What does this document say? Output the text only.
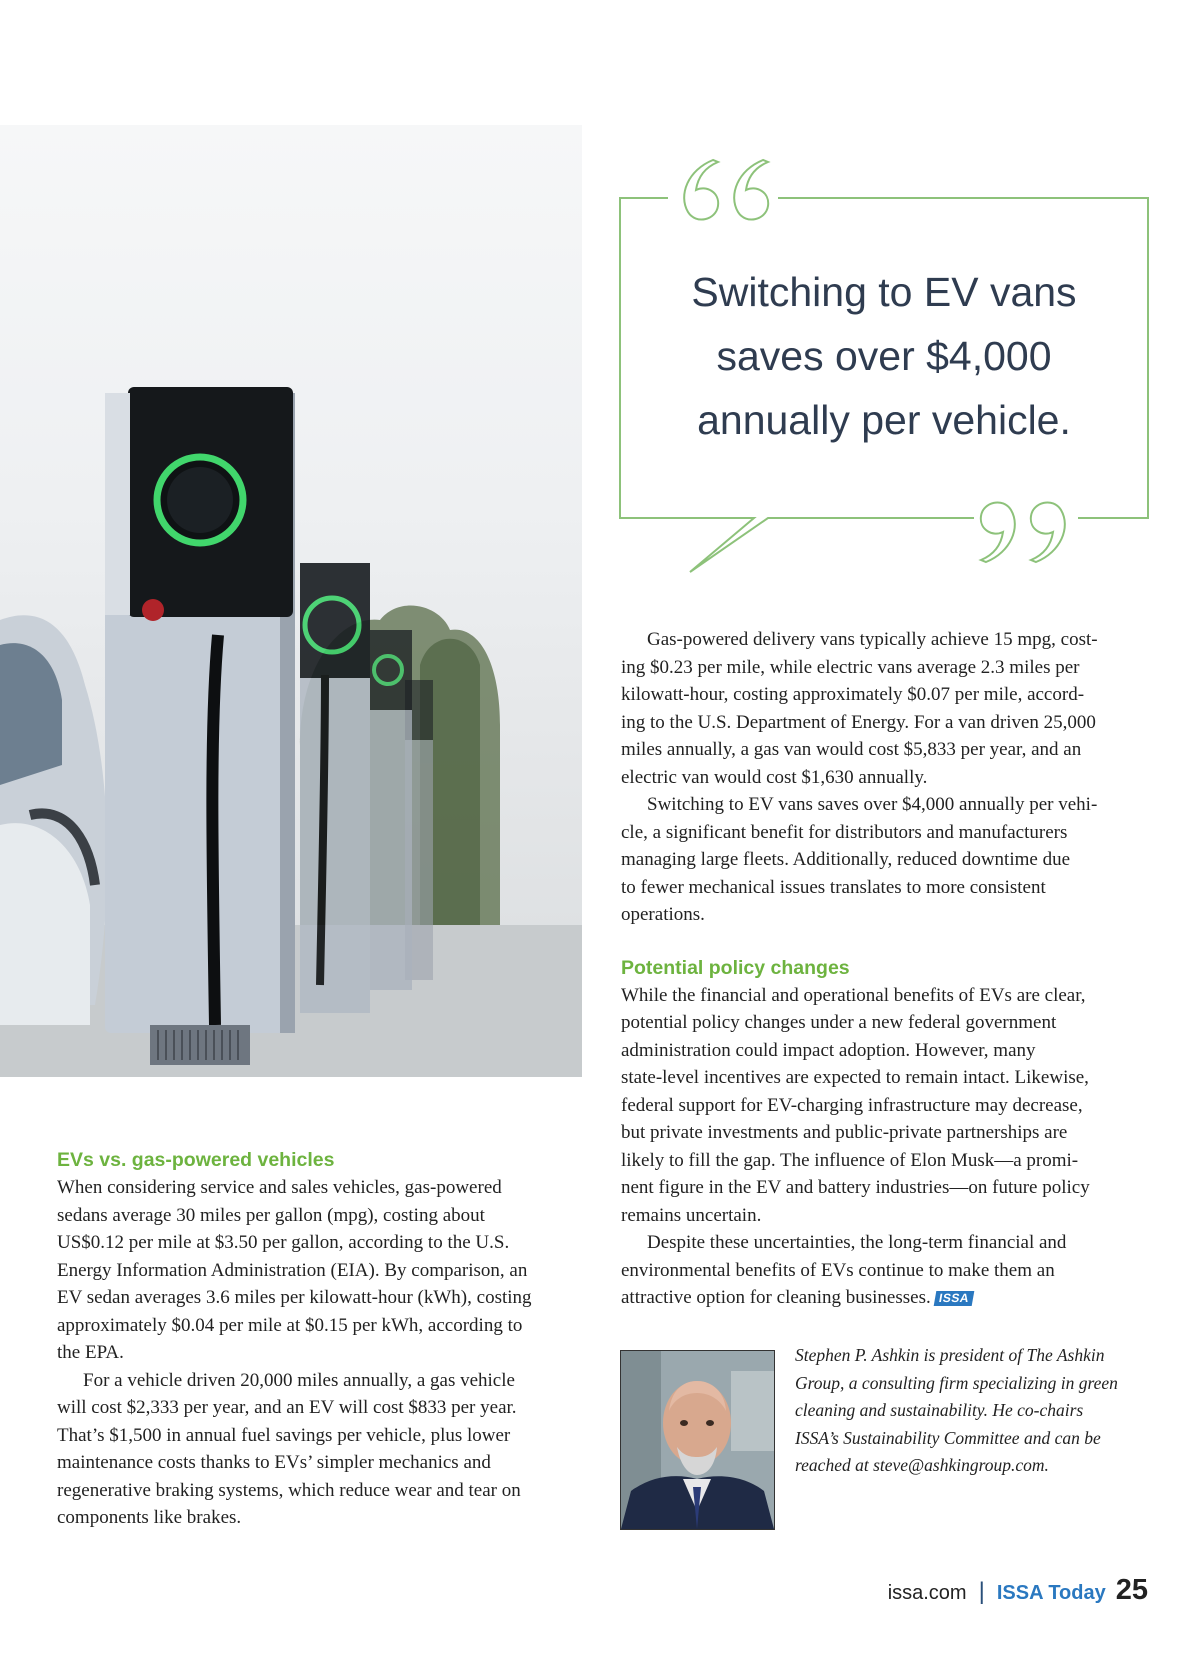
Switching to EV vans
saves over $4,000
annually per vehicle.

Gas-powered delivery vans typically achieve 15 mpg, cost-
ing $0.23 per mile, while electric vans average 2.3 miles per
kilowatt-hour, costing approximately $0.07 per mile, accord-
ing to the U.S. Department of Energy. For a van driven 25,000
miles annually, a gas van would cost $5,833 per year, and an
electric van would cost $1,630 annually.

Switching to EV vans saves over $4,000 annually per vehi-
cle, a significant benefit for distributors and manufacturers
managing large fleets. Additionally, reduced downtime due
to fewer mechanical issues translates to more consistent
operations.

Potential policy changes

While the financial and operational benefits of EVs are clear,
potential policy changes under a new federal government
administration could impact adoption. However, many
state-level incentives are expected to remain intact. Likewise,
federal support for EV-charging infrastructure may decrease,
but private investments and public-private partnerships are
likely to fill the gap. The influence of Elon Musk—a promi-
nent figure in the EV and battery industries—on future policy
remains uncertain.

Despite these uncertainties, the long-term financial and
environmental benefits of EVs continue to make them an
attractive option for cleaning businesses. ISSA

Stephen P. Ashkin is president of The Ashkin
Group, a consulting firm specializing in green
cleaning and sustainability. He co-chairs
ISSA’s Sustainability Committee and can be
reached at steve@ashkingroup.com.
EVs vs. gas-powered vehicles

When considering service and sales vehicles, gas-powered
sedans average 30 miles per gallon (mpg), costing about
US$0.12 per mile at $3.50 per gallon, according to the U.S.
Energy Information Administration (EIA). By comparison, an
EV sedan averages 3.6 miles per kilowatt-hour (kWh), costing
approximately $0.04 per mile at $0.15 per kWh, according to
the EPA.

For a vehicle driven 20,000 miles annually, a gas vehicle
will cost $2,333 per year, and an EV will cost $833 per year.
That’s $1,500 in annual fuel savings per vehicle, plus lower
maintenance costs thanks to EVs’ simpler mechanics and
regenerative braking systems, which reduce wear and tear on
components like brakes.

issa.com | ISSA Today 25
